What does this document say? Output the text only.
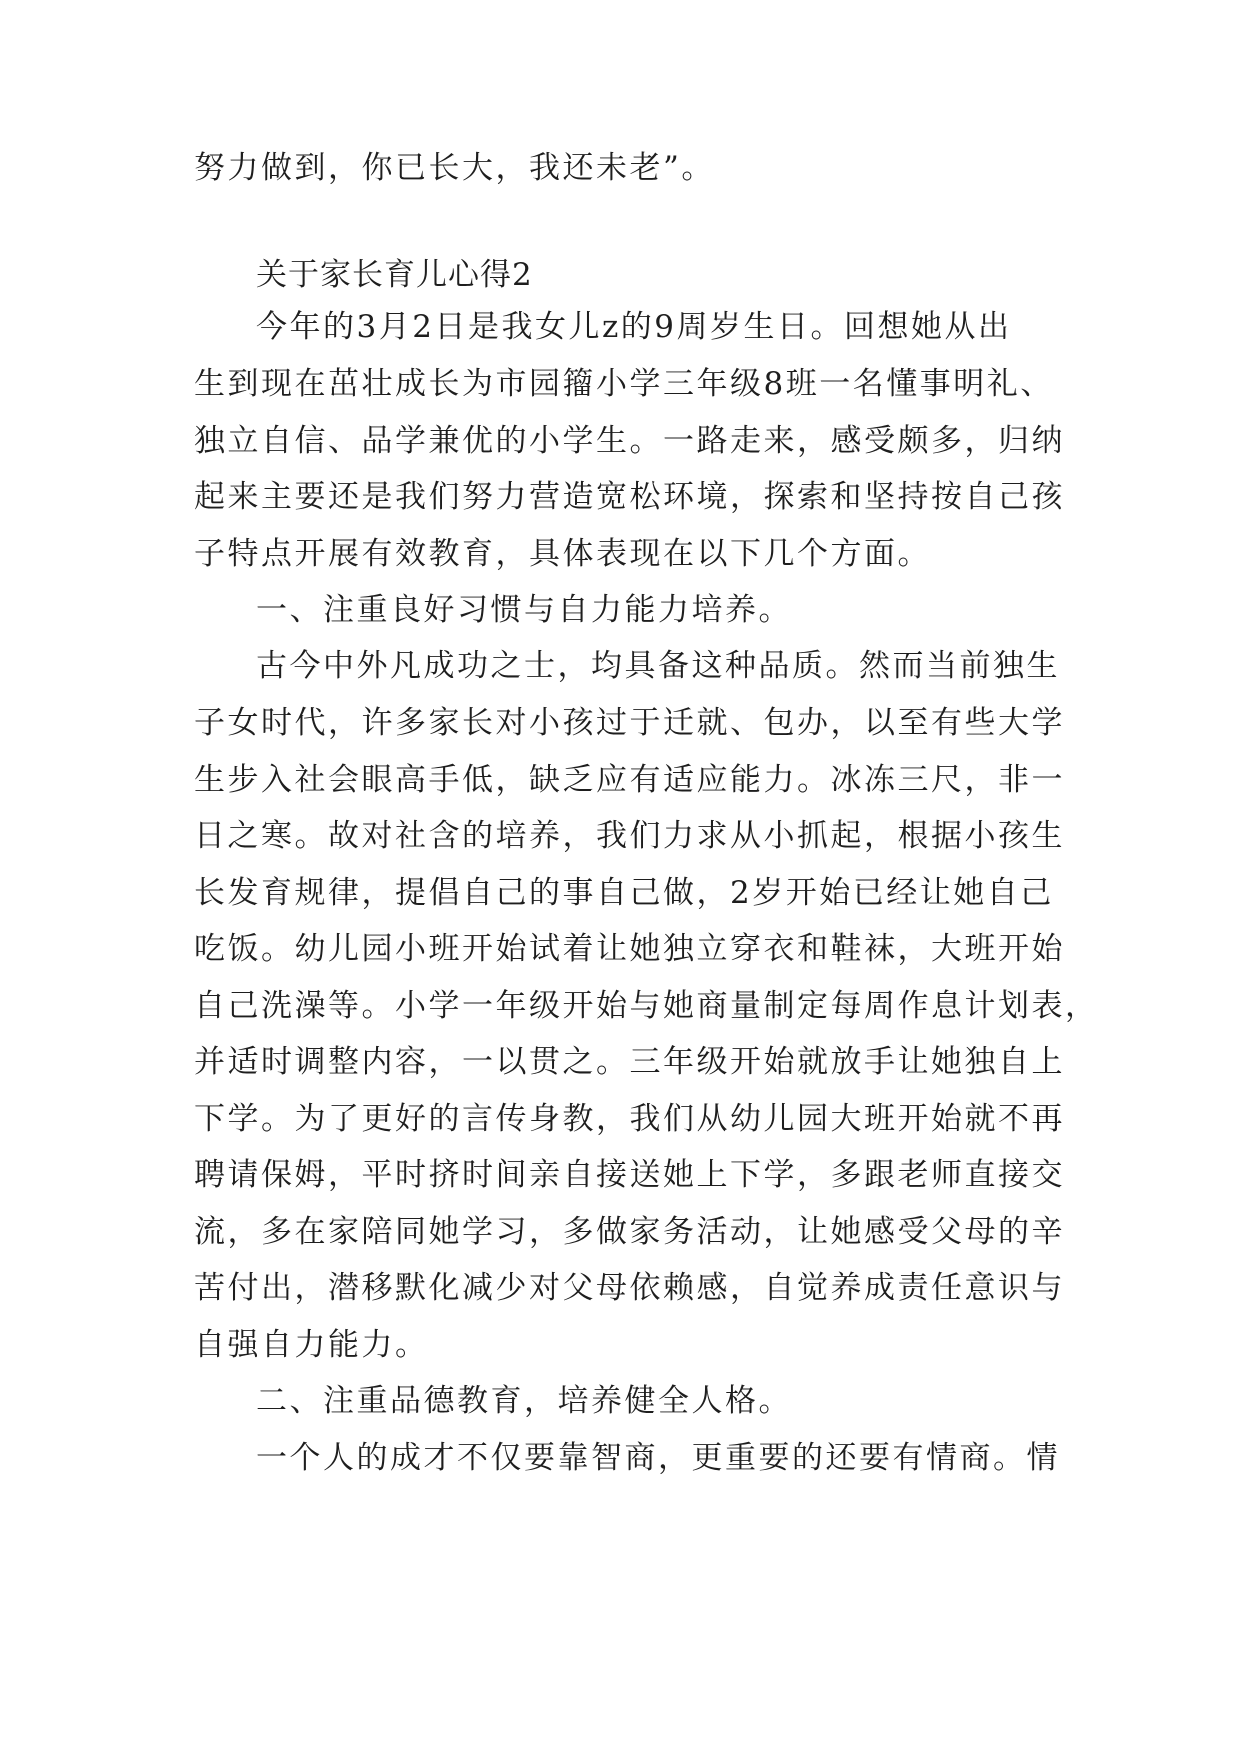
努力做到，你已长大，我还未老”。

关于家长育儿心得2

今年的3月2日是我女儿z的9周岁生日。回想她从出

生到现在茁壮成长为市园籀小学三年级8班一名懂事明礼、

独立自信、品学兼优的小学生。一路走来，感受颇多，归纳

起来主要还是我们努力营造宽松环境，探索和坚持按自己孩

子特点开展有效教育，具体表现在以下几个方面。

一、注重良好习惯与自力能力培养。

古今中外凡成功之士，均具备这种品质。然而当前独生

子女时代，许多家长对小孩过于迁就、包办，以至有些大学

生步入社会眼高手低，缺乏应有适应能力。冰冻三尺，非一

日之寒。故对社含的培养，我们力求从小抓起，根据小孩生

长发育规律，提倡自己的事自己做，2岁开始已经让她自己

吃饭。幼儿园小班开始试着让她独立穿衣和鞋袜，大班开始

自己洗澡等。小学一年级开始与她商量制定每周作息计划表，

并适时调整内容，一以贯之。三年级开始就放手让她独自上

下学。为了更好的言传身教，我们从幼儿园大班开始就不再

聘请保姆，平时挤时间亲自接送她上下学，多跟老师直接交

流，多在家陪同她学习，多做家务活动，让她感受父母的辛

苦付出，潜移默化减少对父母依赖感，自觉养成责任意识与

自强自力能力。

二、注重品德教育，培养健全人格。

一个人的成才不仅要靠智商，更重要的还要有情商。情
